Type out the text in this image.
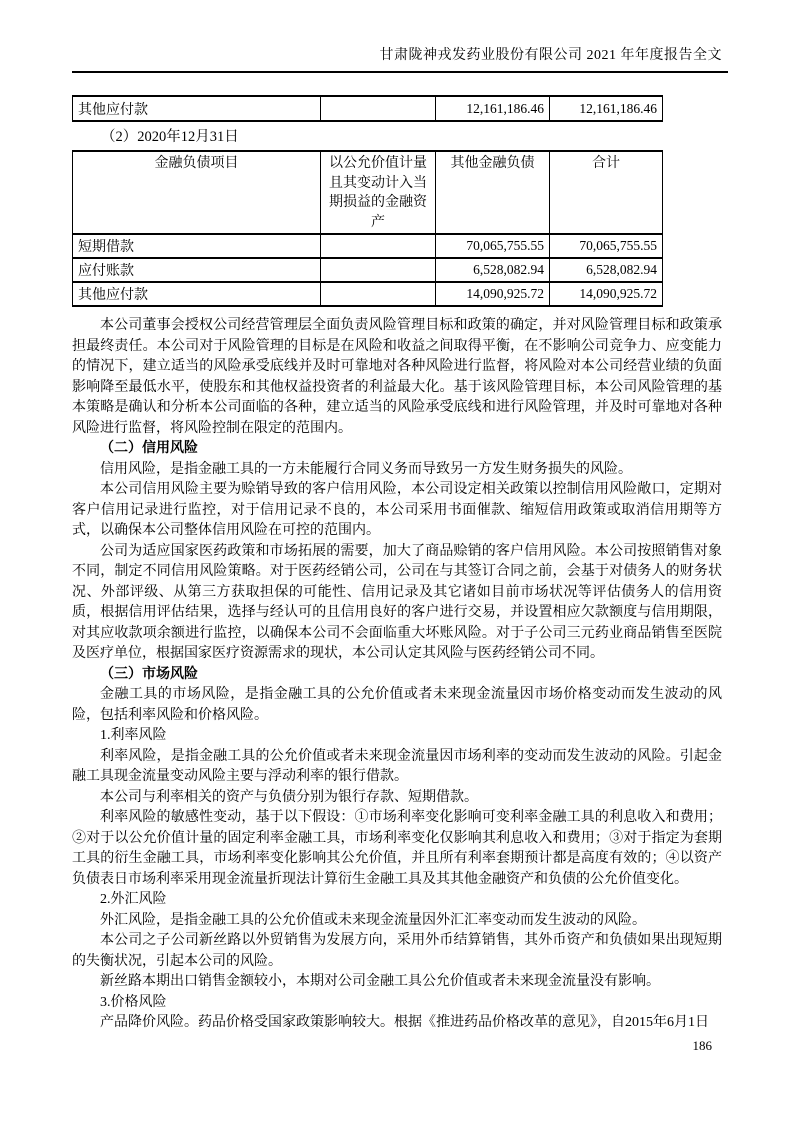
甘肃陇神戎发药业股份有限公司 2021 年年度报告全文
其他应付款		12,161,186.46	12,161,186.46
（2）2020年12月31日
金融负债项目	以公允价值计量且其变动计入当期损益的金融资产	其他金融负债	合计
短期借款		70,065,755.55	70,065,755.55
应付账款		6,528,082.94	6,528,082.94
其他应付款		14,090,925.72	14,090,925.72

本公司董事会授权公司经营管理层全面负责风险管理目标和政策的确定，并对风险管理目标和政策承担最终责任。本公司对于风险管理的目标是在风险和收益之间取得平衡，在不影响公司竞争力、应变能力的情况下，建立适当的风险承受底线并及时可靠地对各种风险进行监督，将风险对本公司经营业绩的负面影响降至最低水平，使股东和其他权益投资者的利益最大化。基于该风险管理目标，本公司风险管理的基本策略是确认和分析本公司面临的各种，建立适当的风险承受底线和进行风险管理，并及时可靠地对各种风险进行监督，将风险控制在限定的范围内。

（二）信用风险

信用风险，是指金融工具的一方未能履行合同义务而导致另一方发生财务损失的风险。

本公司信用风险主要为赊销导致的客户信用风险，本公司设定相关政策以控制信用风险敞口，定期对客户信用记录进行监控，对于信用记录不良的，本公司采用书面催款、缩短信用政策或取消信用期等方式，以确保本公司整体信用风险在可控的范围内。

公司为适应国家医药政策和市场拓展的需要，加大了商品赊销的客户信用风险。本公司按照销售对象不同，制定不同信用风险策略。对于医药经销公司，公司在与其签订合同之前，会基于对债务人的财务状况、外部评级、从第三方获取担保的可能性、信用记录及其它诸如目前市场状况等评估债务人的信用资质，根据信用评估结果，选择与经认可的且信用良好的客户进行交易，并设置相应欠款额度与信用期限，对其应收款项余额进行监控，以确保本公司不会面临重大坏账风险。对于子公司三元药业商品销售至医院及医疗单位，根据国家医疗资源需求的现状，本公司认定其风险与医药经销公司不同。

（三）市场风险

金融工具的市场风险，是指金融工具的公允价值或者未来现金流量因市场价格变动而发生波动的风险，包括利率风险和价格风险。

1.利率风险

利率风险，是指金融工具的公允价值或者未来现金流量因市场利率的变动而发生波动的风险。引起金融工具现金流量变动风险主要与浮动利率的银行借款。

本公司与利率相关的资产与负债分别为银行存款、短期借款。

利率风险的敏感性变动，基于以下假设：①市场利率变化影响可变利率金融工具的利息收入和费用；②对于以公允价值计量的固定利率金融工具，市场利率变化仅影响其利息收入和费用；③对于指定为套期工具的衍生金融工具，市场利率变化影响其公允价值，并且所有利率套期预计都是高度有效的；④以资产负债表日市场利率采用现金流量折现法计算衍生金融工具及其其他金融资产和负债的公允价值变化。

2.外汇风险

外汇风险，是指金融工具的公允价值或未来现金流量因外汇汇率变动而发生波动的风险。

本公司之子公司新丝路以外贸销售为发展方向，采用外币结算销售，其外币资产和负债如果出现短期的失衡状况，引起本公司的风险。

新丝路本期出口销售金额较小，本期对公司金融工具公允价值或者未来现金流量没有影响。

3.价格风险

产品降价风险。药品价格受国家政策影响较大。根据《推进药品价格改革的意见》，自2015年6月1日

186
